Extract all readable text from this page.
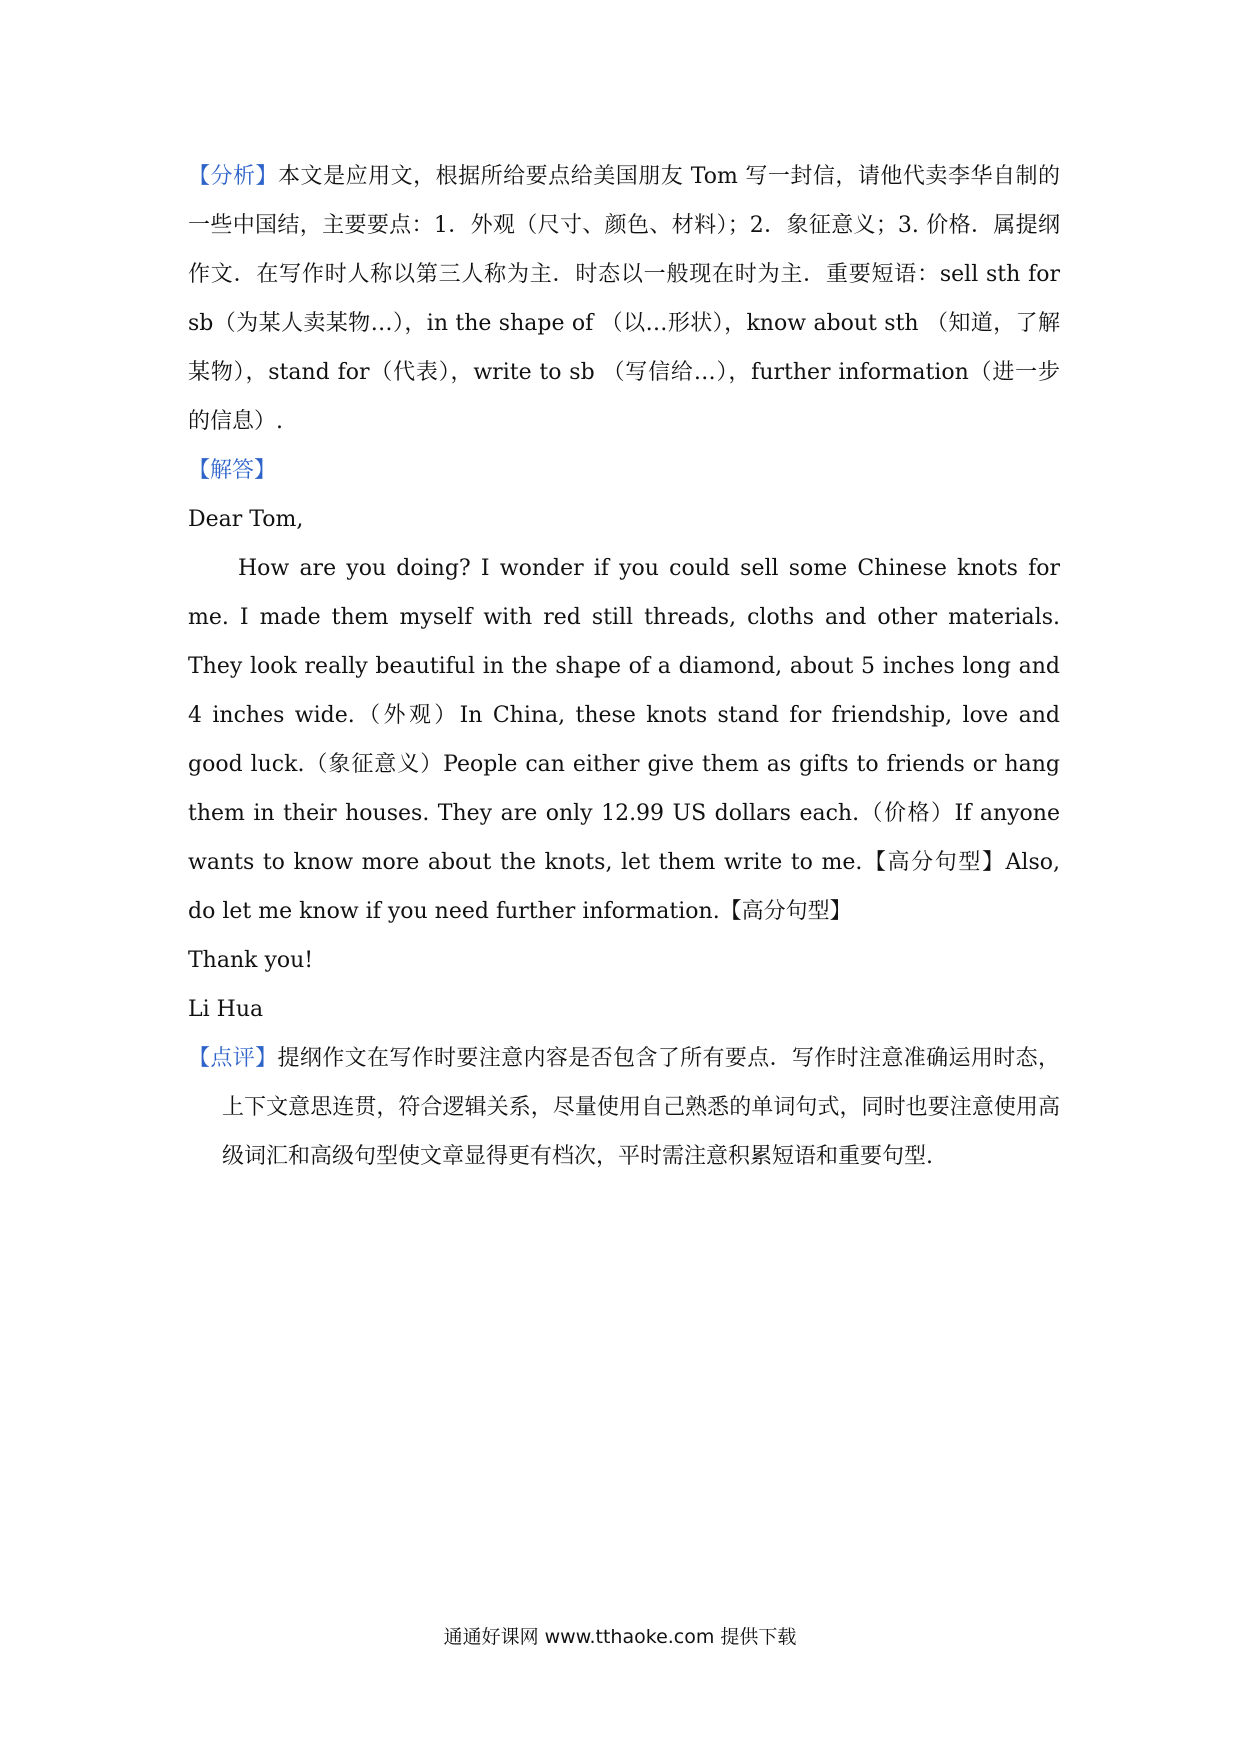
【分析】本文是应用文，根据所给要点给美国朋友 Tom 写一封信，请他代卖李华自制的一些中国结，主要要点：1．外观（尺寸、颜色、材料）；2．象征意义；3. 价格．属提纲作文．在写作时人称以第三人称为主．时态以一般现在时为主．重要短语：sell sth for sb（为某人卖某物…），in the shape of （以…形状），know about sth （知道，了解某物），stand for（代表），write to sb （写信给…），further information（进一步的信息）.

【解答】

Dear Tom,

How are you doing? I wonder if you could sell some Chinese knots for me. I made them myself with red still threads, cloths and other materials. They look really beautiful in the shape of a diamond, about 5 inches long and 4 inches wide.（外观）In China, these knots stand for friendship, love and good luck.（象征意义）People can either give them as gifts to friends or hang them in their houses. They are only 12.99 US dollars each.（价格）If anyone wants to know more about the knots, let them write to me.【高分句型】Also, do let me know if you need further information.【高分句型】

Thank you!

Li Hua

【点评】提纲作文在写作时要注意内容是否包含了所有要点．写作时注意准确运用时态，上下文意思连贯，符合逻辑关系，尽量使用自己熟悉的单词句式，同时也要注意使用高级词汇和高级句型使文章显得更有档次，平时需注意积累短语和重要句型.

通通好课网 www.tthaoke.com 提供下载
